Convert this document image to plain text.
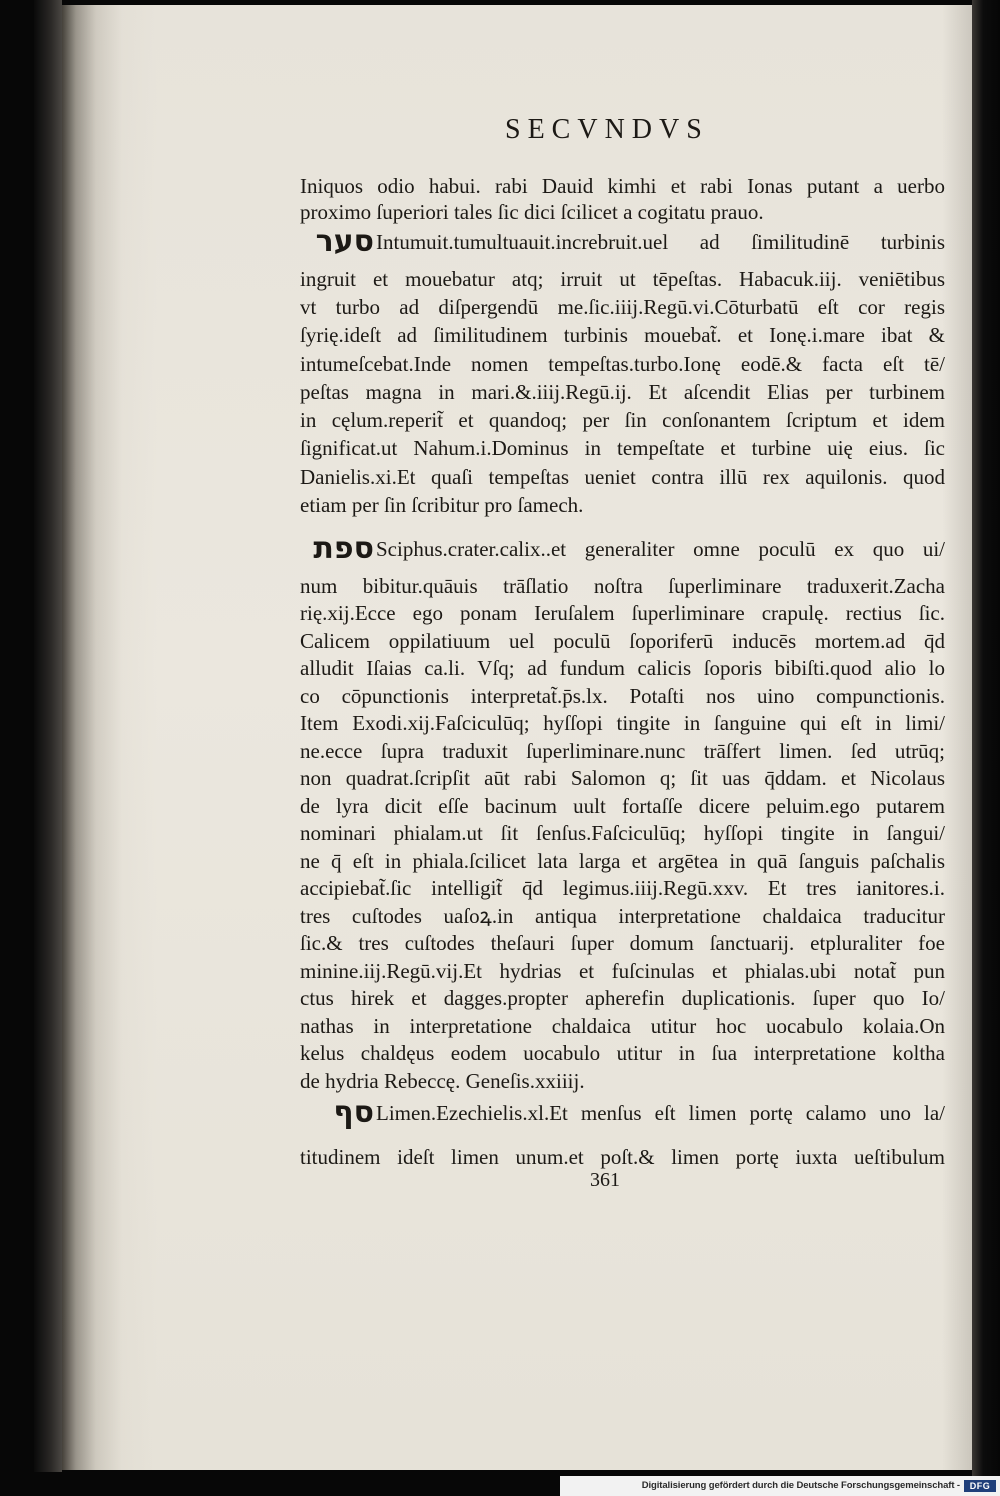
SECVNDVS
Iniquos odio habui. rabi Dauid kimhi et rabi Ionas putant a uerbo
proximo ſuperiori tales ſic dici ſcilicet a cogitatu prauo.
סער Intumuit.tumultuauit.increbruit.uel ad ſimilitudinē turbinis
ingruit et mouebatur atq; irruit ut tēpeſtas. Habacuk.iij. veniētibus
vt turbo ad diſpergendū me.ſic.iiij.Regū.vi.Cōturbatū eſt cor regis
ſyrię.ideſt ad ſimilitudinem turbinis mouebat̃. et Ionę.i.mare ibat &
intumeſcebat.Inde nomen tempeſtas.turbo.Ionę eodē.& facta eſt tē/
peſtas magna in mari.&.iiij.Regū.ij. Et aſcendit Elias per turbinem
in cęlum.reperit̃ et quandoq; per ſin conſonantem ſcriptum et idem
ſignificat.ut Nahum.i.Dominus in tempeſtate et turbine uię eius. ſic
Danielis.xi.Et quaſi tempeſtas ueniet contra illū rex aquilonis. quod
etiam per ſin ſcribitur pro ſamech.
ספת Sciphus.crater.calix..et generaliter omne poculū ex quo ui/
num bibitur.quāuis trāſlatio noſtra ſuperliminare traduxerit.Zacha
rię.xij.Ecce ego ponam Ieruſalem ſuperliminare crapulę. rectius ſic.
Calicem oppilatiuum uel poculū ſoporiferū inducēs mortem.ad q̄d
alludit Iſaias ca.li. Vſq; ad fundum calicis ſoporis bibiſti.quod alio lo
co cōpunctionis interpretat̃.p̄s.lx. Potaſti nos uino compunctionis.
Item Exodi.xij.Faſciculūq; hyſſopi tingite in ſanguine qui eſt in limi/
ne.ecce ſupra traduxit ſuperliminare.nunc trāſfert limen. ſed utrūq;
non quadrat.ſcripſit aūt rabi Salomon q; ſit uas q̄ddam. et Nicolaus
de lyra dicit eſſe bacinum uult fortaſſe dicere peluim.ego putarem
nominari phialam.ut ſit ſenſus.Faſciculūq; hyſſopi tingite in ſangui/
ne q̄ eſt in phiala.ſcilicet lata larga et argētea in quā ſanguis paſchalis
accipiebat̃.ſic intelligit̃ q̄d legimus.iiij.Regū.xxv. Et tres ianitores.i.
tres cuſtodes uaſoꝝ.in antiqua interpretatione chaldaica traducitur
ſic.& tres cuſtodes theſauri ſuper domum ſanctuarij. etpluraliter foe
minine.iij.Regū.vij.Et hydrias et fuſcinulas et phialas.ubi notat̃ pun
ctus hirek et dagges.propter apherefin duplicationis. ſuper quo Io/
nathas in interpretatione chaldaica utitur hoc uocabulo kolaia.On
kelus chaldęus eodem uocabulo utitur in ſua interpretatione koltha
de hydria Rebeccę. Geneſis.xxiiij.
סף Limen.Ezechielis.xl.Et menſus eſt limen portę calamo uno la/
titudinem ideſt limen unum.et poſt.& limen portę iuxta ueſtibulum
361
Digitalisierung gefördert durch die Deutsche Forschungsgemeinschaft -	DFG
